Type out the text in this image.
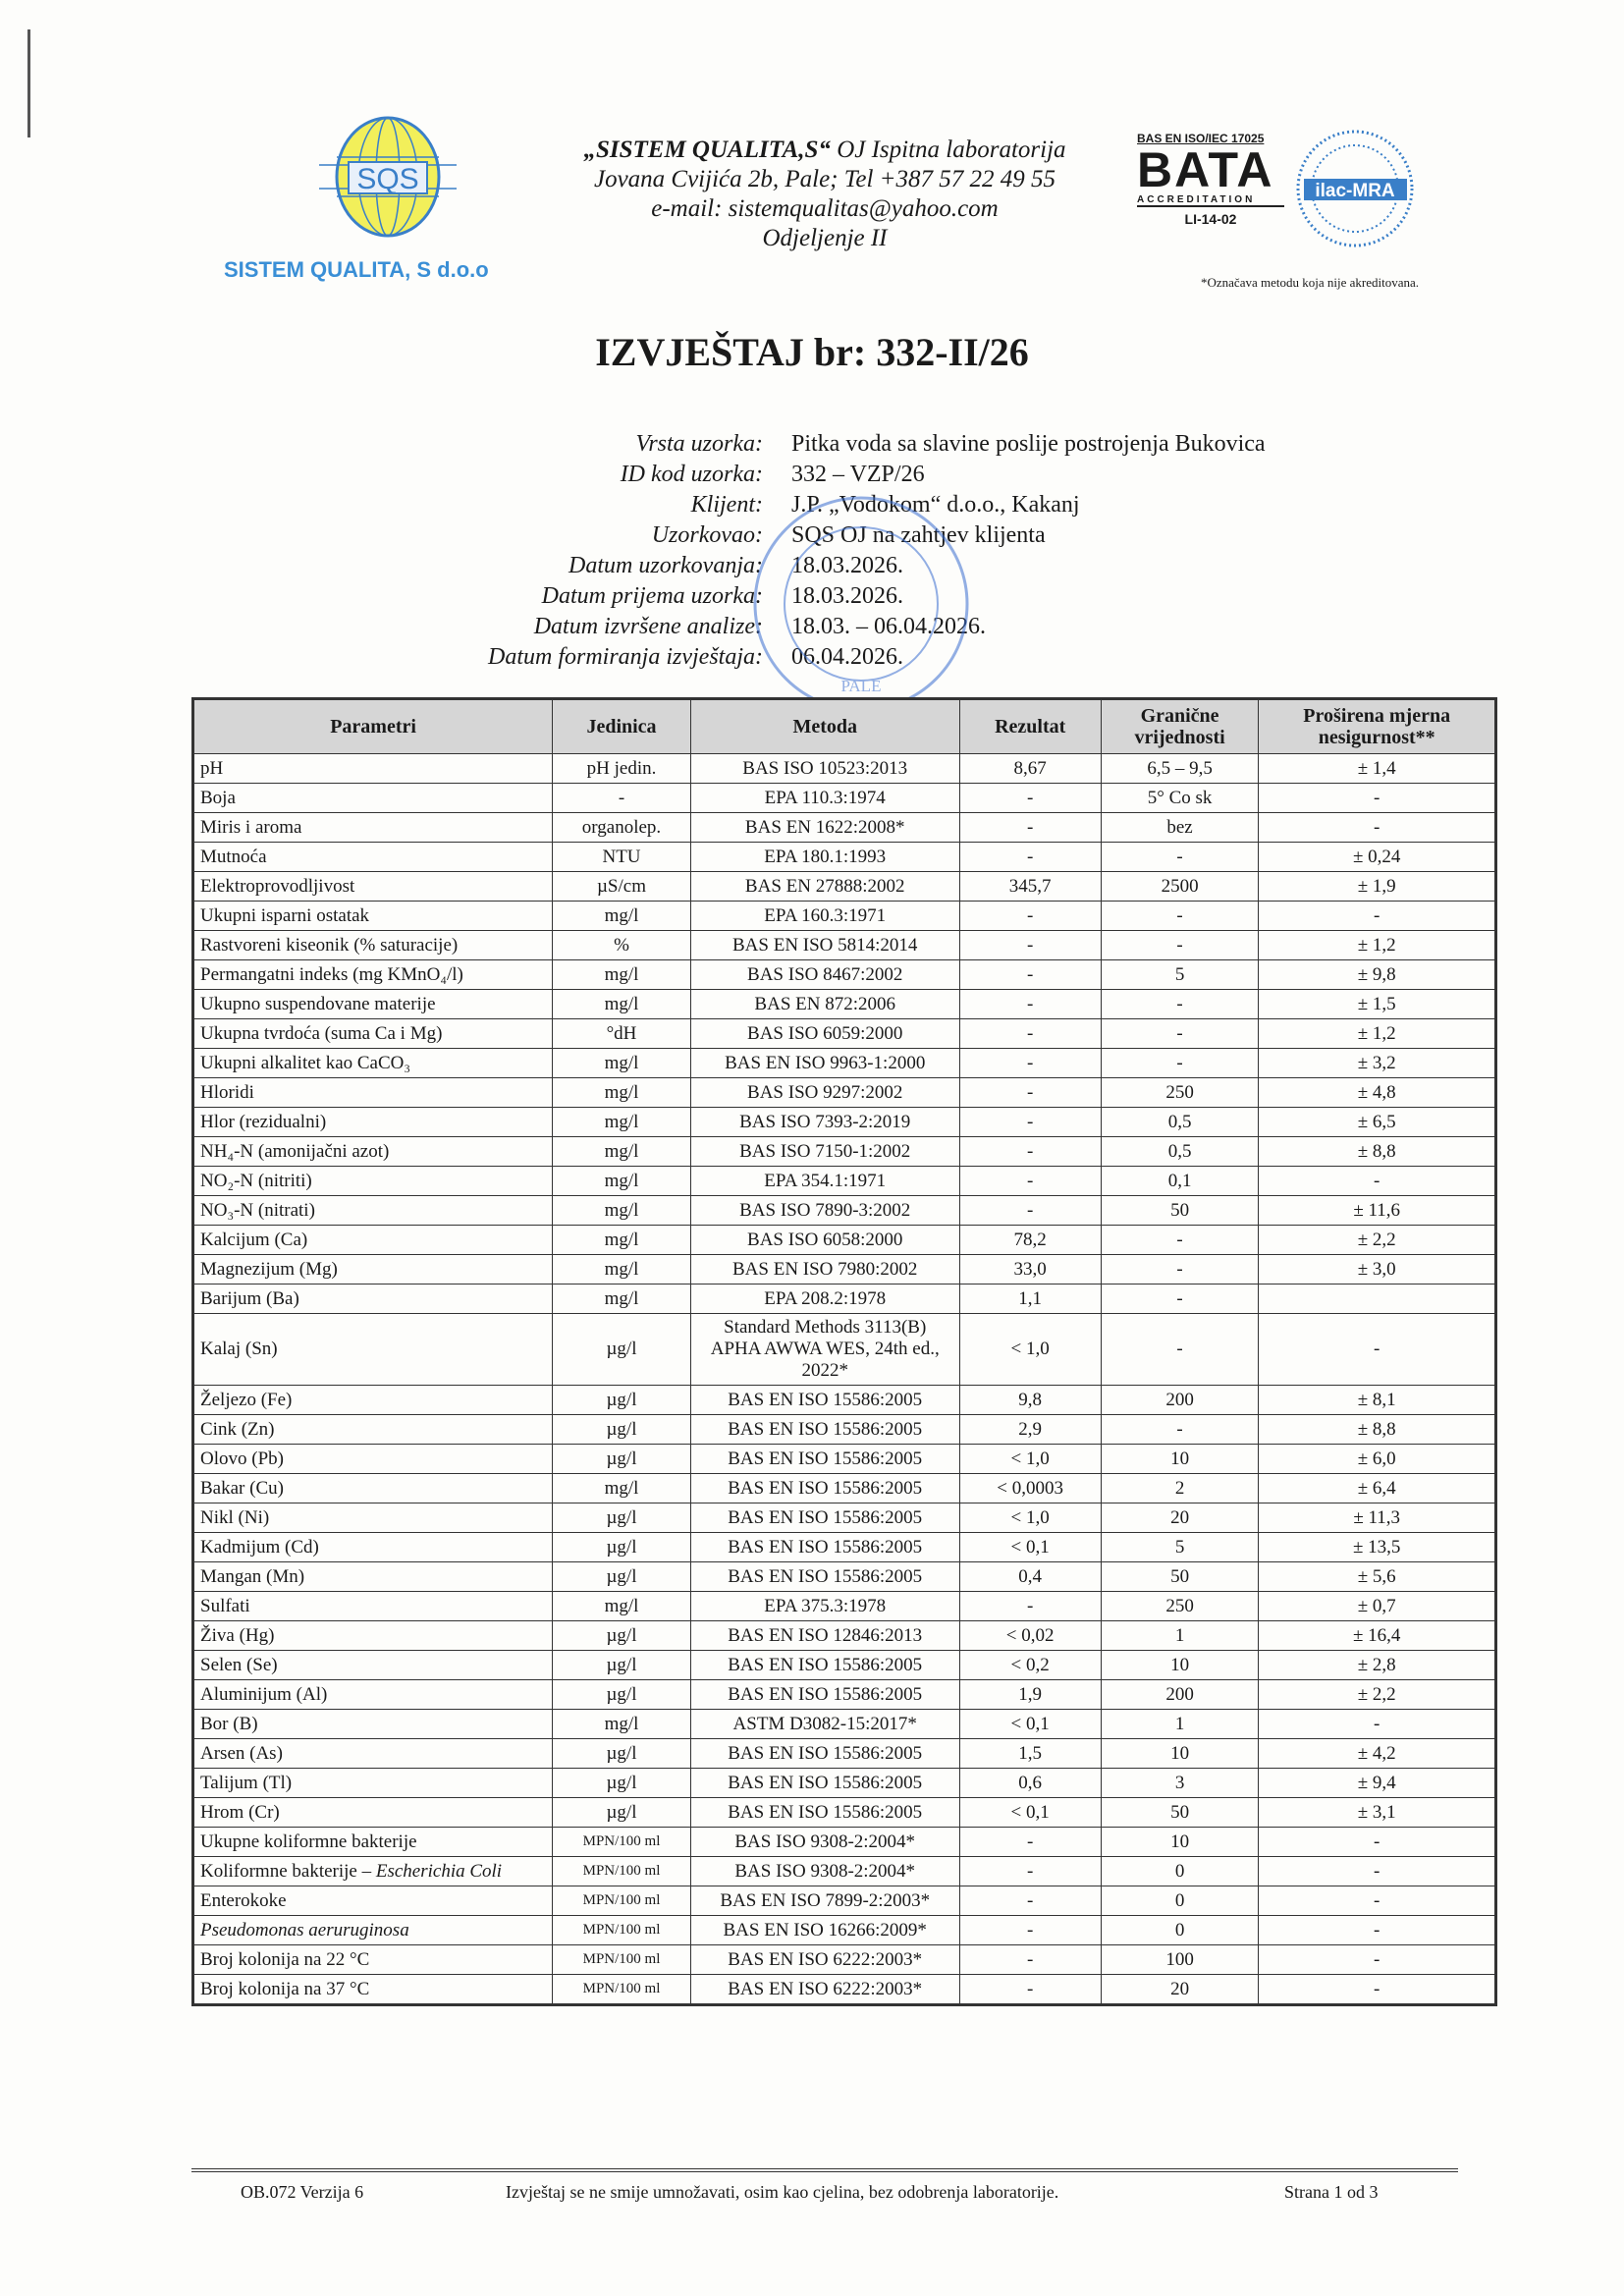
SQS
SISTEM QUALITA, S d.o.o
„SISTEM QUALITA,S“ OJ Ispitna laboratorija
Jovana Cvijića 2b, Pale; Tel +387 57 22 49 55
e-mail: sistemqualitas@yahoo.com
Odjeljenje II
BAS EN ISO/IEC 17025
BATA
ACCREDITATION
LI-14-02
ilac-MRA
*Označava metodu koja nije akreditovana.
IZVJEŠTAJ br: 332-II/26
Vrsta uzorka:	Pitka voda sa slavine poslije postrojenja Bukovica
ID kod uzorka:	332 – VZP/26
Klijent:	J.P. „Vodokom“ d.o.o., Kakanj
Uzorkovao:	SQS OJ na zahtjev klijenta
Datum uzorkovanja:	18.03.2026.
Datum prijema uzorka:	18.03.2026.
Datum izvršene analize:	18.03. – 06.04.2026.
Datum formiranja izvještaja:	06.04.2026.
PALE
Parametri	Jedinica	Metoda	Rezultat	Granične vrijednosti	Proširena mjerna nesigurnost**
pH	pH jedin.	BAS ISO 10523:2013	8,67	6,5 – 9,5	± 1,4
Boja	-	EPA 110.3:1974	-	5° Co sk	-
Miris i aroma	organolep.	BAS EN 1622:2008*	-	bez	-
Mutnoća	NTU	EPA 180.1:1993	-	-	± 0,24
Elektroprovodljivost	µS/cm	BAS EN 27888:2002	345,7	2500	± 1,9
Ukupni isparni ostatak	mg/l	EPA 160.3:1971	-	-	-
Rastvoreni kiseonik (% saturacije)	%	BAS EN ISO 5814:2014	-	-	± 1,2
Permangatni indeks (mg KMnO₄/l)	mg/l	BAS ISO 8467:2002	-	5	± 9,8
Ukupno suspendovane materije	mg/l	BAS EN 872:2006	-	-	± 1,5
Ukupna tvrdoća (suma Ca i Mg)	°dH	BAS ISO 6059:2000	-	-	± 1,2
Ukupni alkalitet kao CaCO₃	mg/l	BAS EN ISO 9963-1:2000	-	-	± 3,2
Hloridi	mg/l	BAS ISO 9297:2002	-	250	± 4,8
Hlor (rezidualni)	mg/l	BAS ISO 7393-2:2019	-	0,5	± 6,5
NH₄-N (amonijačni azot)	mg/l	BAS ISO 7150-1:2002	-	0,5	± 8,8
NO₂-N (nitriti)	mg/l	EPA 354.1:1971	-	0,1	-
NO₃-N (nitrati)	mg/l	BAS ISO 7890-3:2002	-	50	± 11,6
Kalcijum (Ca)	mg/l	BAS ISO 6058:2000	78,2	-	± 2,2
Magnezijum (Mg)	mg/l	BAS EN ISO 7980:2002	33,0	-	± 3,0
Barijum (Ba)	mg/l	EPA 208.2:1978	1,1	-	
Kalaj (Sn)	µg/l	Standard Methods 3113(B) APHA AWWA WES, 24th ed., 2022*	< 1,0	-	-
Željezo (Fe)	µg/l	BAS EN ISO 15586:2005	9,8	200	± 8,1
Cink (Zn)	µg/l	BAS EN ISO 15586:2005	2,9	-	± 8,8
Olovo (Pb)	µg/l	BAS EN ISO 15586:2005	< 1,0	10	± 6,0
Bakar (Cu)	mg/l	BAS EN ISO 15586:2005	< 0,0003	2	± 6,4
Nikl (Ni)	µg/l	BAS EN ISO 15586:2005	< 1,0	20	± 11,3
Kadmijum (Cd)	µg/l	BAS EN ISO 15586:2005	< 0,1	5	± 13,5
Mangan (Mn)	µg/l	BAS EN ISO 15586:2005	0,4	50	± 5,6
Sulfati	mg/l	EPA 375.3:1978	-	250	± 0,7
Živa (Hg)	µg/l	BAS EN ISO 12846:2013	< 0,02	1	± 16,4
Selen (Se)	µg/l	BAS EN ISO 15586:2005	< 0,2	10	± 2,8
Aluminijum (Al)	µg/l	BAS EN ISO 15586:2005	1,9	200	± 2,2
Bor (B)	mg/l	ASTM D3082-15:2017*	< 0,1	1	-
Arsen (As)	µg/l	BAS EN ISO 15586:2005	1,5	10	± 4,2
Talijum (Tl)	µg/l	BAS EN ISO 15586:2005	0,6	3	± 9,4
Hrom (Cr)	µg/l	BAS EN ISO 15586:2005	< 0,1	50	± 3,1
Ukupne koliformne bakterije	MPN/100 ml	BAS ISO 9308-2:2004*	-	10	-
Koliformne bakterije – Escherichia Coli	MPN/100 ml	BAS ISO 9308-2:2004*	-	0	-
Enterokoke	MPN/100 ml	BAS EN ISO 7899-2:2003*	-	0	-
Pseudomonas aeruruginosa	MPN/100 ml	BAS EN ISO 16266:2009*	-	0	-
Broj kolonija na 22 °C	MPN/100 ml	BAS EN ISO 6222:2003*	-	100	-
Broj kolonija na 37 °C	MPN/100 ml	BAS EN ISO 6222:2003*	-	20	-
OB.072 Verzija 6	Izvještaj se ne smije umnožavati, osim kao cjelina, bez odobrenja laboratorije.	Strana 1 od 3
